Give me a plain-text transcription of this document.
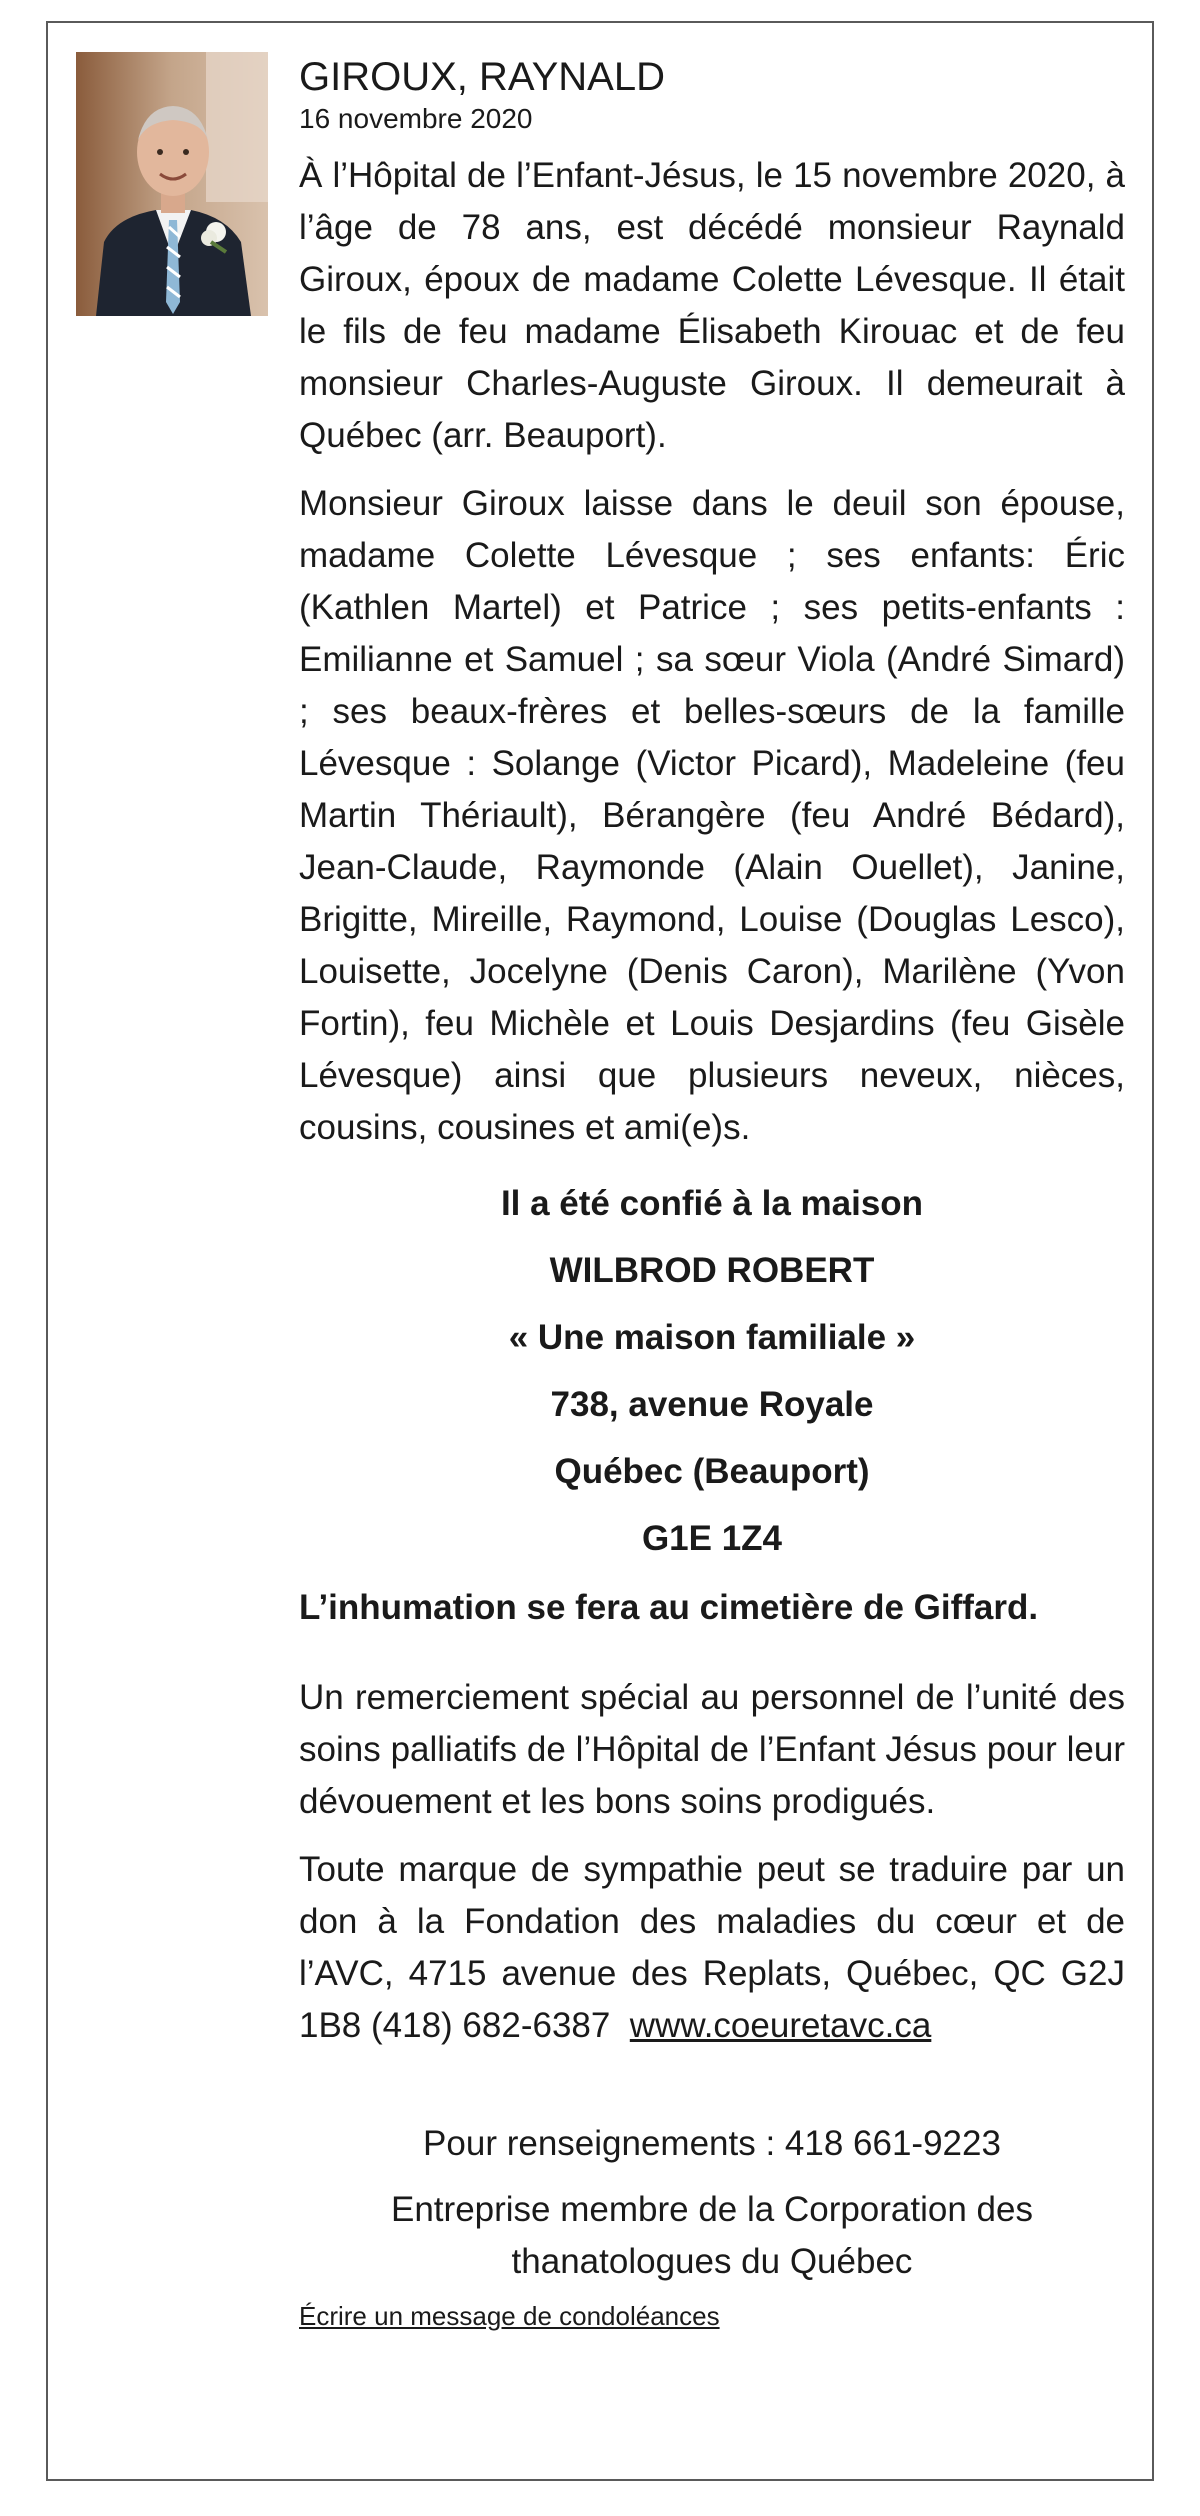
GIROUX, RAYNALD
16 novembre 2020

À l’Hôpital de l’Enfant-Jésus, le 15 novembre 2020, à l’âge de 78 ans, est décédé monsieur Raynald Giroux, époux de madame Colette Lévesque. Il était le fils de feu madame Élisabeth Kirouac et de feu monsieur Charles-Auguste Giroux. Il demeurait à Québec (arr. Beauport).

Monsieur Giroux laisse dans le deuil son épouse, madame Colette Lévesque ; ses enfants: Éric (Kathlen Martel) et Patrice ; ses petits-enfants : Emilianne et Samuel ; sa sœur Viola (André Simard) ; ses beaux-frères et belles-sœurs de la famille Lévesque : Solange (Victor Picard), Madeleine (feu Martin Thériault), Bérangère (feu André Bédard), Jean-Claude, Raymonde (Alain Ouellet), Janine, Brigitte, Mireille, Raymond, Louise (Douglas Lesco), Louisette, Jocelyne (Denis Caron), Marilène (Yvon Fortin), feu Michèle et Louis Desjardins (feu Gisèle Lévesque) ainsi que plusieurs neveux, nièces, cousins, cousines et ami(e)s.

Il a été confié à la maison
WILBROD ROBERT
« Une maison familiale »
738, avenue Royale
Québec (Beauport)
G1E 1Z4
L’inhumation se fera au cimetière de Giffard.

Un remerciement spécial au personnel de l’unité des soins palliatifs de l’Hôpital de l’Enfant Jésus pour leur dévouement et les bons soins prodigués.

Toute marque de sympathie peut se traduire par un don à la Fondation des maladies du cœur et de l’AVC, 4715 avenue des Replats, Québec, QC G2J 1B8 (418) 682-6387 www.coeuretavc.ca

Pour renseignements : 418 661-9223
Entreprise membre de la Corporation des
thanatologues du Québec
Écrire un message de condoléances
